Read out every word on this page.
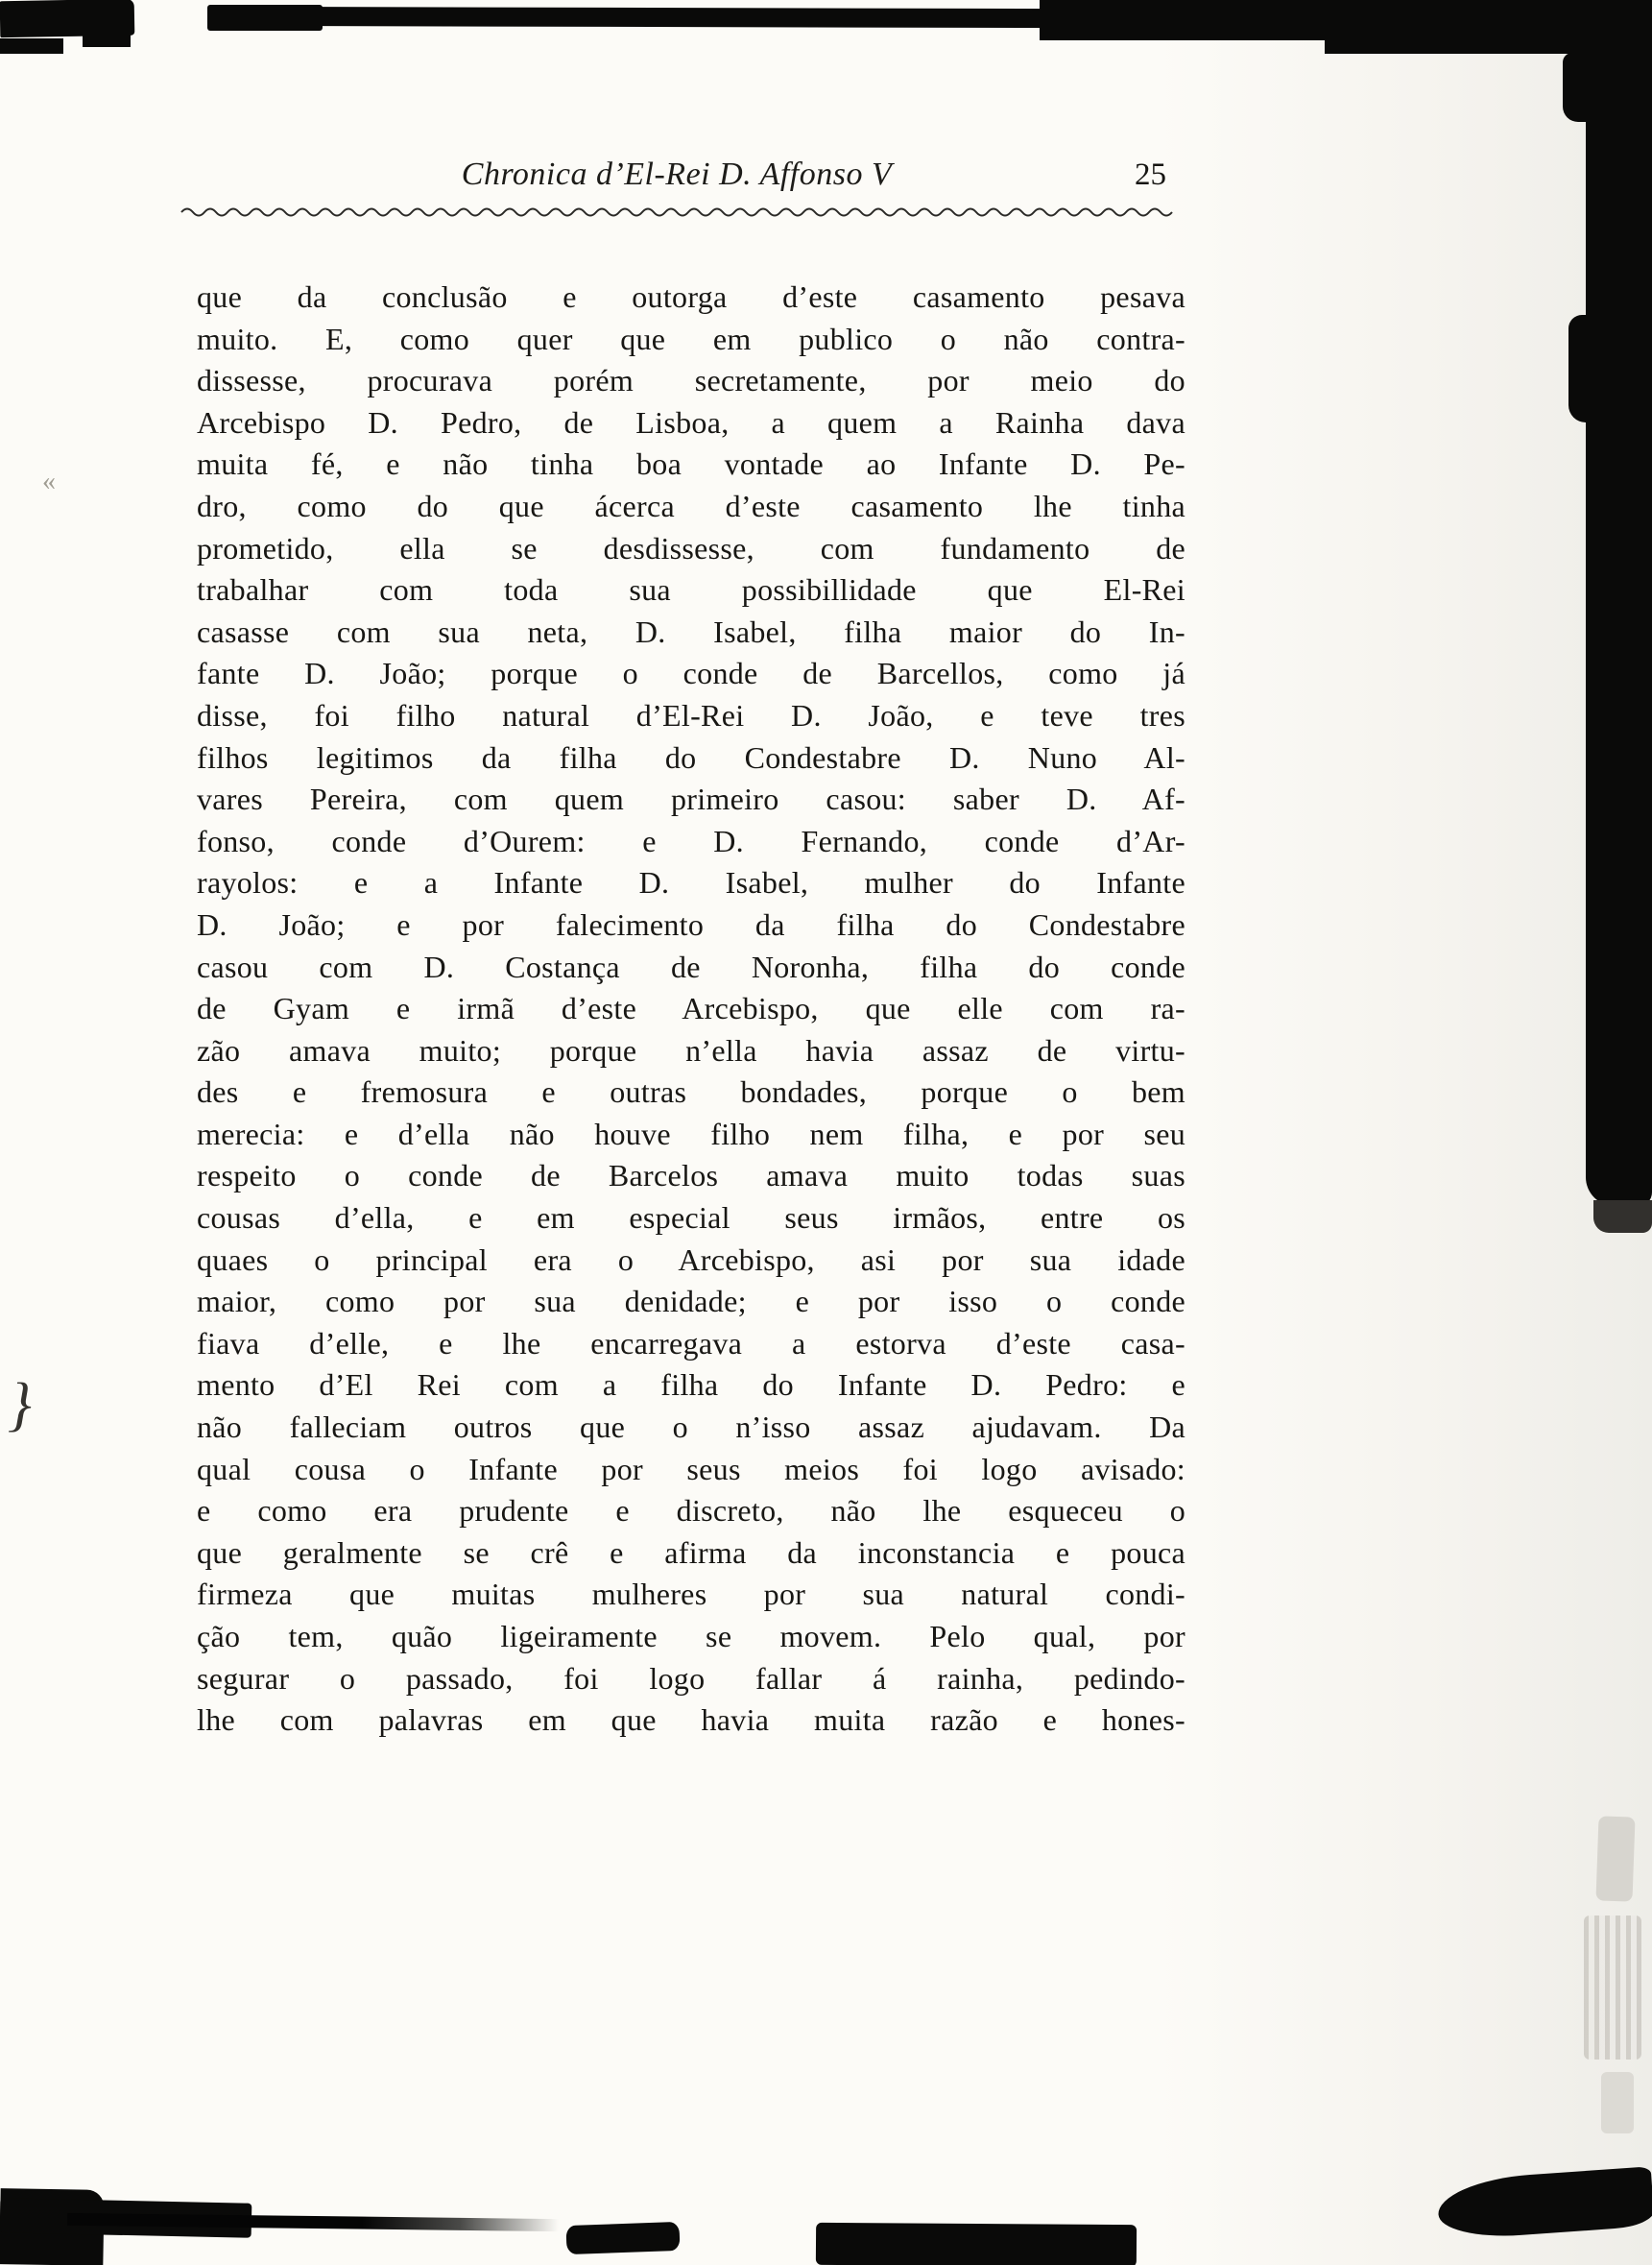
Chronica d’El-Rei D. Affonso V	25
que da conclusão e outorga d’este casamento pesava
muito. E, como quer que em publico o não contra-
dissesse, procurava porém secretamente, por meio do
Arcebispo D. Pedro, de Lisboa, a quem a Rainha dava
muita fé, e não tinha boa vontade ao Infante D. Pe-
dro, como do que ácerca d’este casamento lhe tinha
prometido, ella se desdissesse, com fundamento de
trabalhar com toda sua possibillidade que El-Rei
casasse com sua neta, D. Isabel, filha maior do In-
fante D. João; porque o conde de Barcellos, como já
disse, foi filho natural d’El-Rei D. João, e teve tres
filhos legitimos da filha do Condestabre D. Nuno Al-
vares Pereira, com quem primeiro casou: saber D. Af-
fonso, conde d’Ourem: e D. Fernando, conde d’Ar-
rayolos: e a Infante D. Isabel, mulher do Infante
D. João; e por falecimento da filha do Condestabre
casou com D. Costança de Noronha, filha do conde
de Gyam e irmã d’este Arcebispo, que elle com ra-
zão amava muito; porque n’ella havia assaz de virtu-
des e fremosura e outras bondades, porque o bem
merecia: e d’ella não houve filho nem filha, e por seu
respeito o conde de Barcelos amava muito todas suas
cousas d’ella, e em especial seus irmãos, entre os
quaes o principal era o Arcebispo, asi por sua idade
maior, como por sua denidade; e por isso o conde
fiava d’elle, e lhe encarregava a estorva d’este casa-
mento d’El Rei com a filha do Infante D. Pedro: e
não falleciam outros que o n’isso assaz ajudavam. Da
qual cousa o Infante por seus meios foi logo avisado:
e como era prudente e discreto, não lhe esqueceu o
que geralmente se crê e afirma da inconstancia e pouca
firmeza que muitas mulheres por sua natural condi-
ção tem, quão ligeiramente se movem. Pelo qual, por
segurar o passado, foi logo fallar á rainha, pedindo-
lhe com palavras em que havia muita razão e hones-
«
}
